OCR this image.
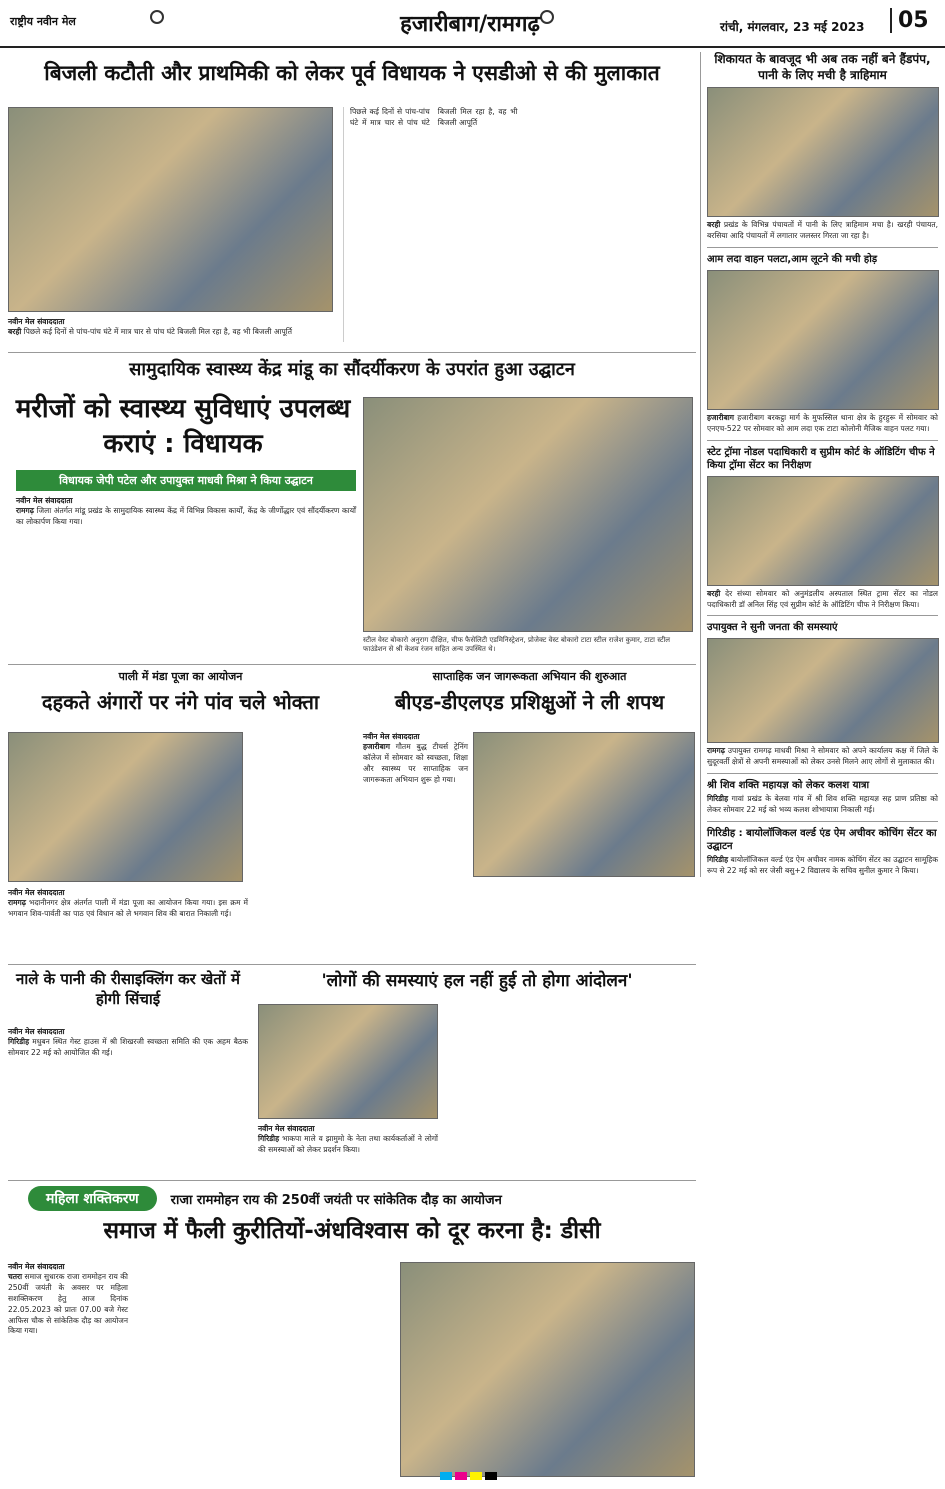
राष्ट्रीय नवीन मेल	हजारीबाग/रामगढ़	रांची, मंगलवार, 23 मई 2023	05
बिजली कटौती और प्राथमिकी को लेकर पूर्व विधायक ने एसडीओ से की मुलाकात
नवीन मेल संवाददाता
बरही पिछले कई दिनों से पांच-पांच घंटे में मात्र चार से पांच घंटे बिजली मिल रहा है, वह भी बिजली आपूर्ति
पिछले कई दिनों से पांच-पांच घंटे में मात्र चार से पांच घंटे बिजली मिल रहा है, वह भी बिजली आपूर्ति
सामुदायिक स्वास्थ्य केंद्र मांडू का सौंदर्यीकरण के उपरांत हुआ उद्घाटन
मरीजों को स्वास्थ्य सुविधाएं उपलब्ध कराएं : विधायक
विधायक जेपी पटेल और उपायुक्त माधवी मिश्रा ने किया उद्घाटन
नवीन मेल संवाददाता
रामगढ़ जिला अंतर्गत मांडू प्रखंड के सामुदायिक स्वास्थ्य केंद्र में विभिन्न विकास कार्यों, केंद्र के जीर्णोद्धार एवं सौंदर्यीकरण कार्यों का लोकार्पण किया गया।
स्टील वेस्ट बोकारो अनुराग दीक्षित, चीफ फैसेलिटी एडमिनिस्ट्रेशन, प्रोजेक्ट वेस्ट बोकारो टाटा स्टील राजेश कुमार, टाटा स्टील फाउंडेशन से श्री केशव रंजन सहित अन्य उपस्थित थे।
पाली में मंडा पूजा का आयोजन
दहकते अंगारों पर नंगे पांव चले भोक्ता
नवीन मेल संवाददाता
रामगढ़ भदानीनगर क्षेत्र अंतर्गत पाली में मंडा पूजा का आयोजन किया गया। इस क्रम में भगवान शिव-पार्वती का पाठ एवं विधान को ले भगवान शिव की बारात निकाली गई।
साप्ताहिक जन जागरूकता अभियान की शुरुआत
बीएड-डीएलएड प्रशिक्षुओं ने ली शपथ
नवीन मेल संवाददाता
हजारीबाग गौतम बुद्ध टीचर्स ट्रेनिंग कॉलेज में सोमवार को स्वच्छता, शिक्षा और स्वास्थ्य पर साप्ताहिक जन जागरूकता अभियान शुरू हो गया।
नाले के पानी की रीसाइक्लिंग कर खेतों में होगी सिंचाई
नवीन मेल संवाददाता
गिरिडीह मधुबन स्थित गेस्ट हाउस में श्री शिखरजी स्वच्छता समिति की एक अहम बैठक सोमवार 22 मई को आयोजित की गई।
'लोगों की समस्याएं हल नहीं हुई तो होगा आंदोलन'
नवीन मेल संवाददाता
गिरिडीह भाकपा माले व झामुमो के नेता तथा कार्यकर्ताओं ने लोगों की समस्याओं को लेकर प्रदर्शन किया।
महिला शक्तिकरण	राजा राममोहन राय की 250वीं जयंती पर सांकेतिक दौड़ का आयोजन
समाज में फैली कुरीतियों-अंधविश्वास को दूर करना है: डीसी
नवीन मेल संवाददाता
चतरा समाज सुधारक राजा राममोहन राय की 250वीं जयंती के अवसर पर महिला सशक्तिकरण हेतु आज दिनांक 22.05.2023 को प्रातः 07.00 बजे गेस्ट आफिस चौक से सांकेतिक दौड़ का आयोजन किया गया।
शिकायत के बावजूद भी अब तक नहीं बने हैंडपंप, पानी के लिए मची है त्राहिमाम
बरही प्रखंड के विभिन्न पंचायतों में पानी के लिए त्राहिमाम मचा है। खरही पंचायत, बरसिया आदि पंचायतों में लगातार जलस्तर गिरता जा रहा है।
आम लदा वाहन पलटा,आम लूटने की मची होड़
हजारीबाग हजारीबाग बरकट्ठा मार्ग के मुफस्सिल थाना क्षेत्र के हुरहुरू में सोमवार को एनएच-522 पर सोमवार को आम लदा एक टाटा कोलोनी मैजिक वाहन पलट गया।
स्टेट ट्रॉमा नोडल पदाधिकारी व सुप्रीम कोर्ट के ऑडिटिंग चीफ ने किया ट्रॉमा सेंटर का निरीक्षण
बरही देर संध्या सोमवार को अनुमंडलीय अस्पताल स्थित ट्रामा सेंटर का नोडल पदाधिकारी डॉ अनिल सिंह एवं सुप्रीम कोर्ट के ऑडिटिंग चीफ ने निरीक्षण किया।
उपायुक्त ने सुनी जनता की समस्याएं
रामगढ़ उपायुक्त रामगढ़ माधवी मिश्रा ने सोमवार को अपने कार्यालय कक्ष में जिले के सुदूरवर्ती क्षेत्रों से अपनी समस्याओं को लेकर उनसे मिलने आए लोगों से मुलाकात की।
श्री शिव शक्ति महायज्ञ को लेकर कलश यात्रा
गिरिडीह गावां प्रखंड के बेलवा गांव में श्री शिव शक्ति महायज्ञ सह प्राण प्रतिष्ठा को लेकर सोमवार 22 मई को भव्य कलश शोभायात्रा निकाली गई।
गिरिडीह : बायोलॉजिकल वर्ल्ड एंड ऐम अचीवर कोचिंग सेंटर का उद्घाटन
गिरिडीह बायोलॉजिकल वर्ल्ड एंड ऐम अचीवर नामक कोचिंग सेंटर का उद्घाटन सामूहिक रूप से 22 मई को सर जेसी बसु+2 विद्यालय के सचिव सुनील कुमार ने किया।
